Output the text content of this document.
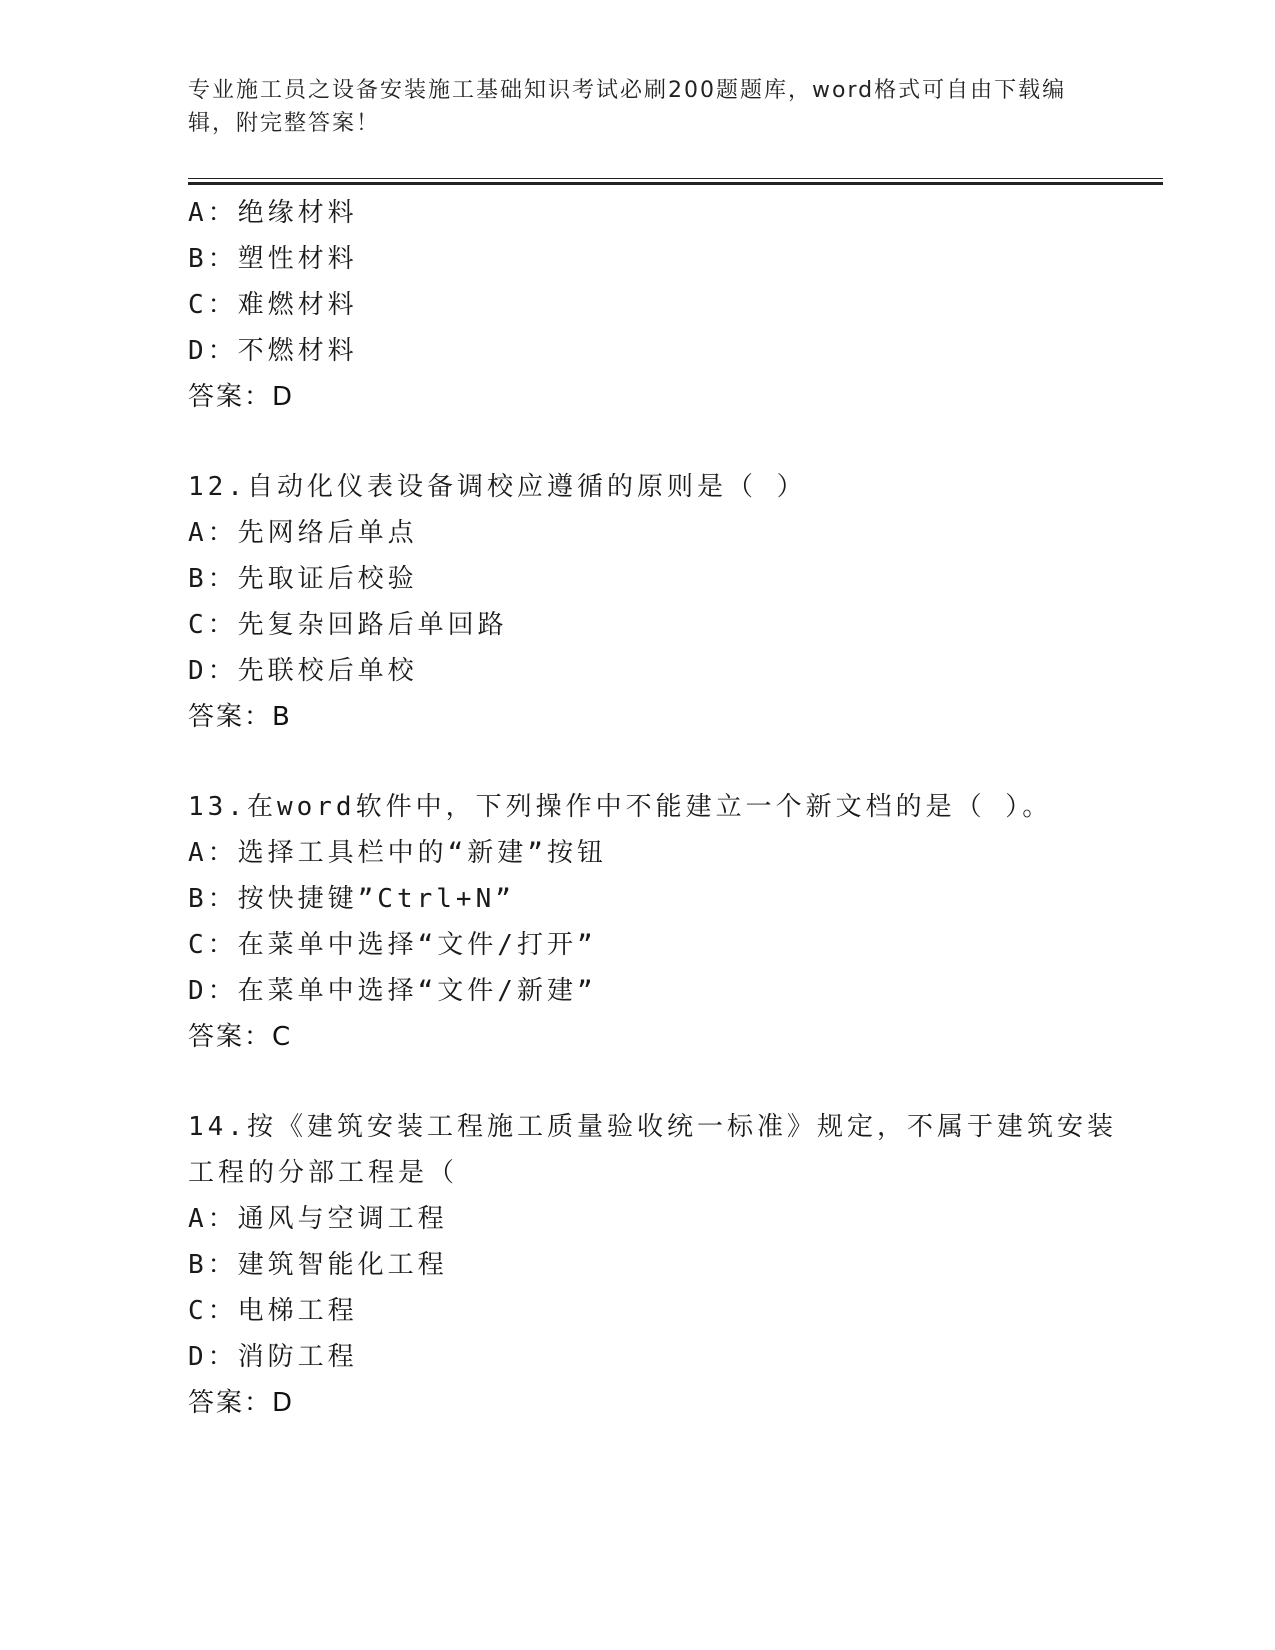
专业施工员之设备安装施工基础知识考试必刷200题题库，word格式可自由下载编辑，附完整答案！
A：绝缘材料
B：塑性材料
C：难燃材料
D：不燃材料
答案：D
12.自动化仪表设备调校应遵循的原则是（ ）
A：先网络后单点
B：先取证后校验
C：先复杂回路后单回路
D：先联校后单校
答案：B
13.在word软件中，下列操作中不能建立一个新文档的是（ ）。
A：选择工具栏中的“新建”按钮
B：按快捷键”Ctrl+N”
C：在菜单中选择“文件/打开”
D：在菜单中选择“文件/新建”
答案：C
14.按《建筑安装工程施工质量验收统一标准》规定，不属于建筑安装
工程的分部工程是（
A：通风与空调工程
B：建筑智能化工程
C：电梯工程
D：消防工程
答案：D
